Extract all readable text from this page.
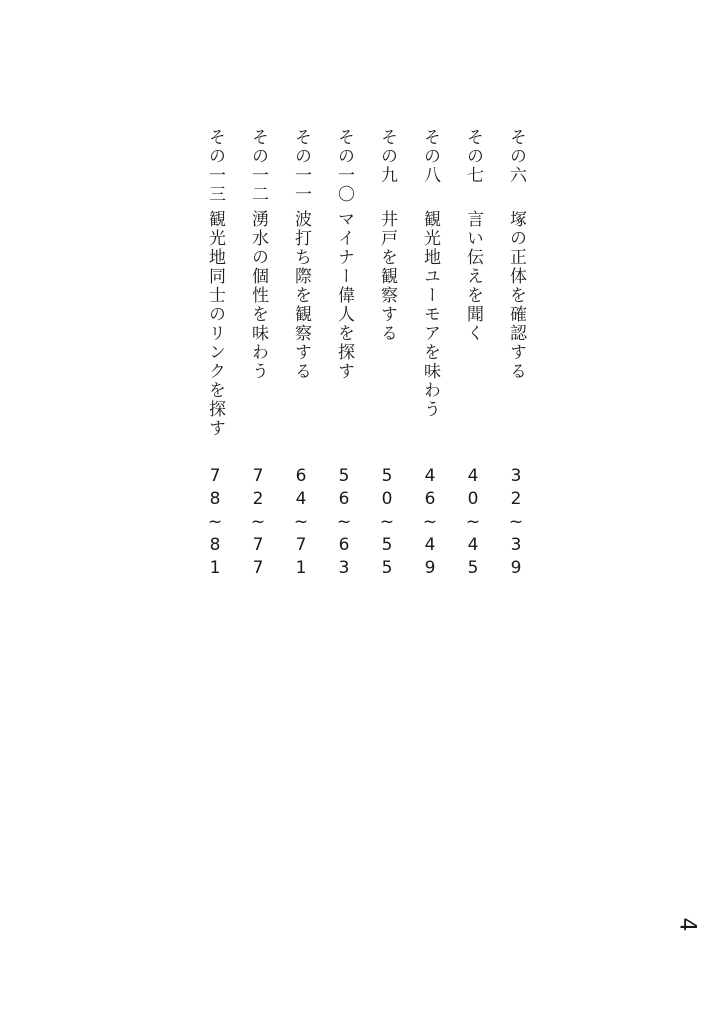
その六
塚の正体を確認する
32~39
その七
言い伝えを聞く
40~45
その八
観光地ユーモアを味わう
46~49
その九
井戸を観察する
50~55
その一〇
マイナー偉人を探す
56~63
その一一
波打ち際を観察する
64~71
その一二
湧水の個性を味わう
72~77
その一三
観光地同士のリンクを探す
78~81
4
